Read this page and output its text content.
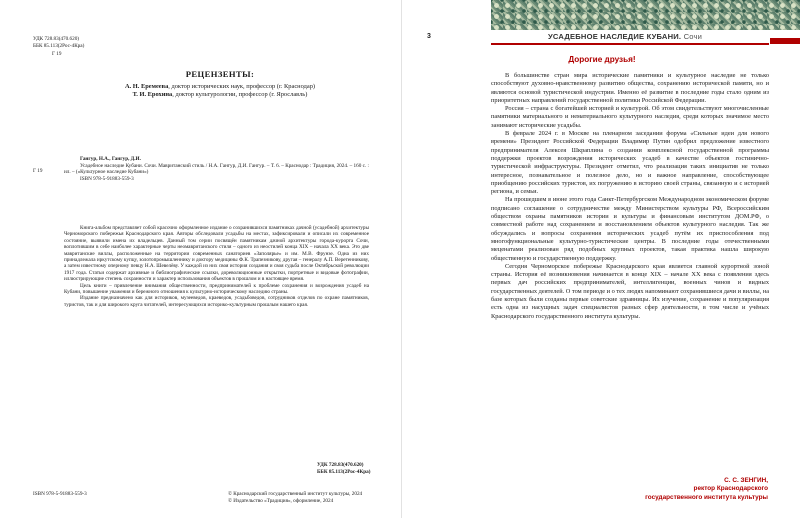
УДК 728.83(470.620)
ББК 85.113(2Рос-4Кра)
Г 19
РЕЦЕНЗЕНТЫ:
А. Н. Еремеева, доктор исторических наук, профессор (г. Краснодар)
Т. И. Ерохина, доктор культурологии, профессор (г. Ярославль)
Г 19
Гангур, Н.А., Гангур, Д.И.

Усадебное наследие Кубани. Сочи. Мавританский стиль / Н.А. Гангур, Д.И. Гангур. – Т. 6. – Краснодар : Традиция, 2024. – 160 с. : ил. – («Культурное наследие Кубани»)

ISBN 978-5-91883-559-3

Книга-альбом представляет собой красочно оформленное издание о сохранившихся памятниках дачной (усадебной) архитектуры Черноморского побережья Краснодарского края. Авторы обследовали усадьбы на местах, зафиксировали и описали их современное состояние, выявили имена их владельцев. Данный том серии посвящён памятникам дачной архитектуры города-курорта Сочи, воплотившим в себе наиболее характерные черты неомавританского стиля – одного из неостилей конца XIX – начала XX века. Это две мавританские виллы, расположенные на территории современных санаториев «Заполярье» и им. М.В. Фрунзе. Одна из них принадлежала иркутскому купцу, золотопромышленнику и доктору медицины Ф.К. Трапезникову, другая – генералу А.П. Веретенникову, а затем известному оперному певцу Н.А. Шевелёву. У каждой из них своя история создания и своя судьба после Октябрьской революции 1917 года. Статьи содержат архивные и библиографические ссылки, дореволюционные открытки, портретные и видовые фотографии, иллюстрирующие степень сохранности и характер использования объектов в прошлом и в настоящее время.

Цель книги – привлечение внимания общественности, предпринимателей к проблеме сохранения и возрождения усадеб на Кубани, повышение уважения и бережного отношения к культурно-историческому наследию страны.

Издание предназначено как для историков, музееведов, краеведов, усадьбоведов, сотрудников отделов по охране памятников, туристов, так и для широкого круга читателей, интересующихся историко-культурным прошлым нашего края.

УДК 728.83(470.620)
ББК 85.113(2Рос-4Кра)
ISBN 978-5-91883-559-3	© Краснодарский государственный институт культуры, 2024
© Издательство «Традиция», оформление, 2024
3	УСАДЕБНОЕ НАСЛЕДИЕ КУБАНИ. Сочи
Дорогие друзья!

В большинстве стран мира исторические памятники и культурное наследие не только способствуют духовно-нравственному развитию общества, сохранению исторической памяти, но и являются основой туристической индустрии. Именно её развитие в последние годы стало одним из приоритетных направлений государственной политики Российской Федерации.

Россия – страна с богатейшей историей и культурой. Об этом свидетельствуют многочисленные памятники материального и нематериального культурного наследия, среди которых значимое место занимают исторические усадьбы.

В феврале 2024 г. в Москве на пленарном заседании форума «Сильные идеи для нового времени» Президент Российской Федерации Владимир Путин одобрил предложение известного предпринимателя Алексея Шкраплина о создании комплексной государственной программы поддержки проектов возрождения исторических усадеб в качестве объектов гостинично-туристической инфраструктуры. Президент отметил, что реализация таких инициатив не только интересное, познавательное и полезное дело, но и важное направление, способствующее приобщению российских туристов, их погружению в историю своей страны, связанную и с историей региона, и семьи.

На прошедшем в июне этого года Санкт-Петербургском Международном экономическом форуме подписано соглашение о сотрудничестве между Министерством культуры РФ, Всероссийским обществом охраны памятников истории и культуры и финансовым институтом ДОМ.РФ, о совместной работе над сохранением и восстановлением объектов культурного наследия. Так же обсуждались и вопросы сохранения исторических усадеб путём их приспособления под многофункциональные культурно-туристические центры. В последние годы отечественными меценатами реализован ряд подобных крупных проектов, такая практика нашла широкую общественную и государственную поддержку.

Сегодня Черноморское побережье Краснодарского края является главной курортной зоной страны. История её возникновения начинается в конце XIX – начале XX века с появления здесь первых дач российских предпринимателей, интеллигенции, военных чинов и видных государственных деятелей. О том периоде и о тех людях напоминают сохранившиеся дачи и виллы, на базе которых были созданы первые советские здравницы. Их изучение, сохранение и популяризация есть одна из насущных задач специалистов разных сфер деятельности, в том числе и учёных Краснодарского государственного института культуры.

С. С. ЗЕНГИН,
ректор Краснодарского
государственного института культуры
